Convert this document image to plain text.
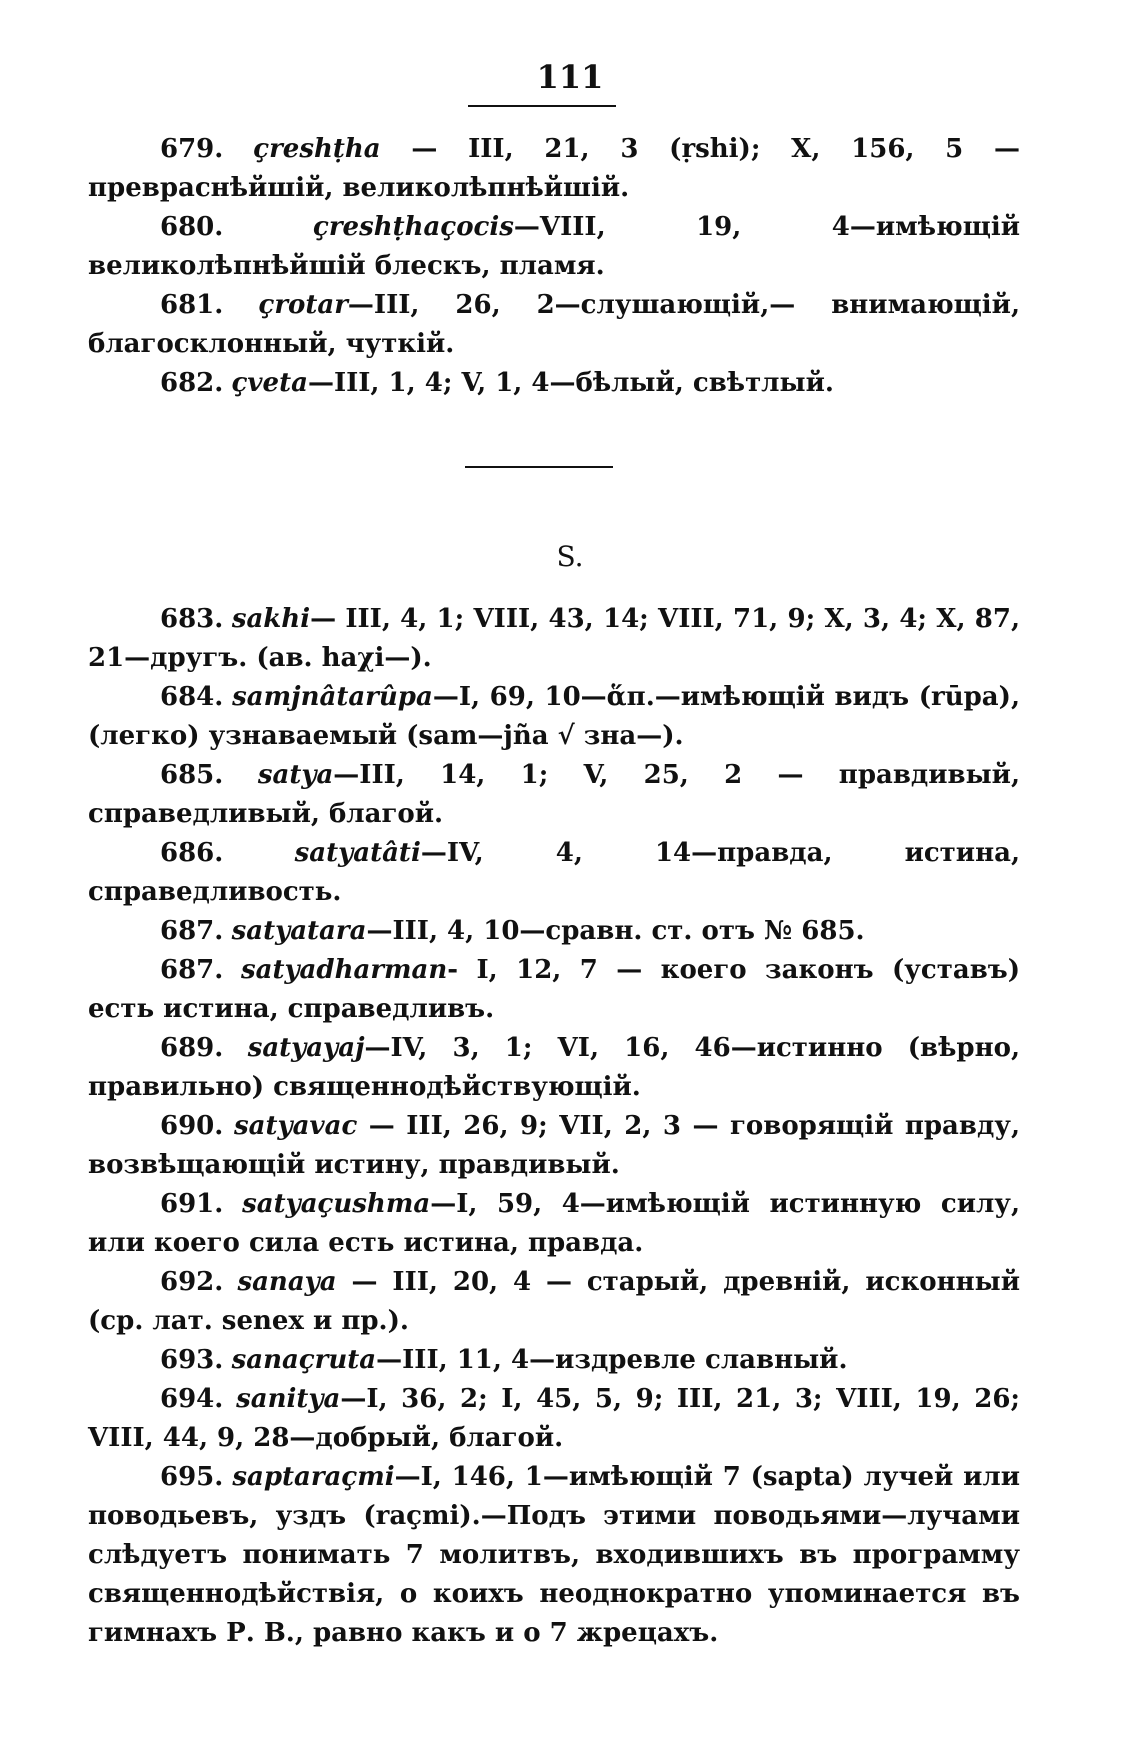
111

679. çreshṭha — III, 21, 3 (ṛshi); X, 156, 5 — превраснѣйшій, великолѣпнѣйшій.

680.	çreshṭhaçocis—VIII, 19, 4—имѣющій великолѣпнѣйшій блескъ, пламя.

681. çrotar—III, 26, 2—слушающій,— внимающій, благосклонный, чуткій.

682. çveta—III, 1, 4; V, 1, 4—бѣлый, свѣтлый.

S.

683. sakhi— III, 4, 1; VIII, 43, 14; VIII, 71, 9; X, 3, 4; X, 87, 21—другъ. (ав. haχi—).

684. samjnâtarûpa—I, 69, 10—ἅπ.—имѣющій видъ (rūpa), (легко) узнаваемый (sam—jña √ зна—).

685. satya—III, 14, 1; V, 25, 2 — правдивый, справедливый, благой.

686.	satyatâti—IV, 4, 14—правда, истина, справедливость.

687. satyatara—III, 4, 10—сравн. ст. отъ № 685.

687. satyadharman- I, 12, 7 — коего законъ (уставъ) есть истина, справедливъ.

689. satyayaj—IV, 3, 1; VI, 16, 46—истинно (вѣрно, правильно) священнодѣйствующій.

690. satyavac — III, 26, 9; VII, 2, 3 — говорящій правду, возвѣщающій истину, правдивый.

691. satyaçushma—I, 59, 4—имѣющій истинную силу, или коего сила есть истина, правда.

692. sanaya — III, 20, 4 — старый, древній, исконный (ср. лат. senex и пр.).

693. sanaçruta—III, 11, 4—издревле славный.

694. sanitya—I, 36, 2; I, 45, 5, 9; III, 21, 3; VIII, 19, 26; VIII, 44, 9, 28—добрый, благой.

695. saptaraçmi—I, 146, 1—имѣющій 7 (sapta) лучей или поводьевъ, уздъ (raçmi).—Подъ этими поводьями—лучами слѣдуетъ понимать 7 молитвъ, входившихъ въ программу священнодѣйствія, о коихъ неоднократно упоминается въ гимнахъ Р. В., равно какъ и о 7 жрецахъ.
